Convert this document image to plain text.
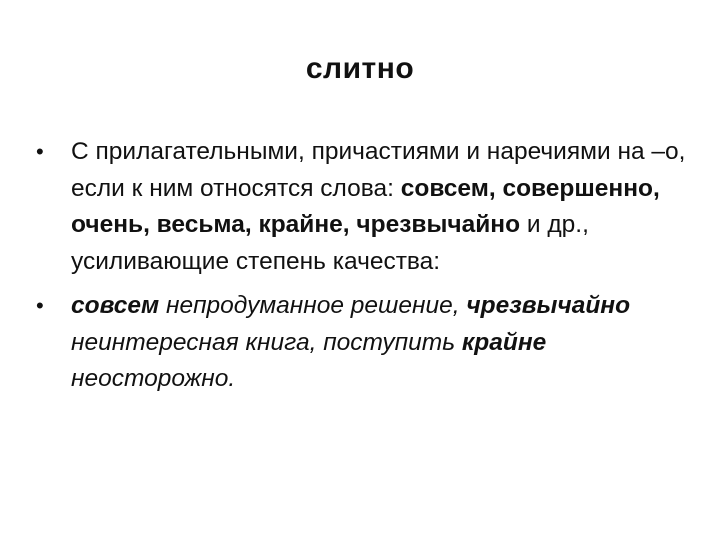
слитно
• С прилагательными, причастиями и наречиями на –о, если к ним относятся слова: совсем, совершенно, очень, весьма, крайне, чрезвычайно и др., усиливающие степень качества:
• совсем непродуманное решение, чрезвычайно неинтересная книга, поступить крайне неосторожно.
